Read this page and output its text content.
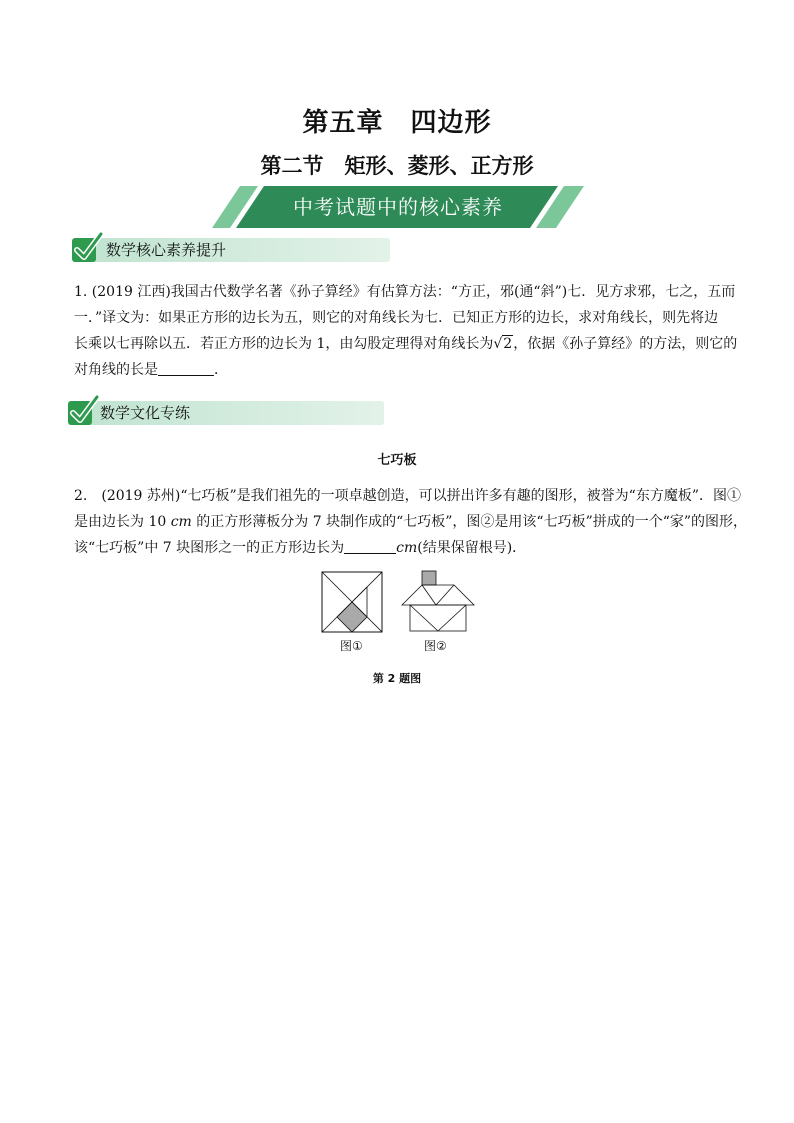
第五章　四边形
第二节　矩形、菱形、正方形
中考试题中的核心素养
数学核心素养提升
1. (2019 江西)我国古代数学名著《孙子算经》有估算方法：“方正，邪(通“斜”)七．见方求邪，七之，五而
一．”译文为：如果正方形的边长为五，则它的对角线长为七．已知正方形的边长，求对角线长，则先将边
长乘以七再除以五．若正方形的边长为 1，由勾股定理得对角线长为√2，依据《孙子算经》的方法，则它的
对角线的长是	．
数学文化专练
七巧板
2.　(2019 苏州)“七巧板”是我们祖先的一项卓越创造，可以拼出许多有趣的图形，被誉为“东方魔板”．图①
是由边长为 10 cm 的正方形薄板分为 7 块制作成的“七巧板”，图②是用该“七巧板”拼成的一个“家”的图形，
该“七巧板”中 7 块图形之一的正方形边长为	cm(结果保留根号)．
图①	图②
第 2 题图
